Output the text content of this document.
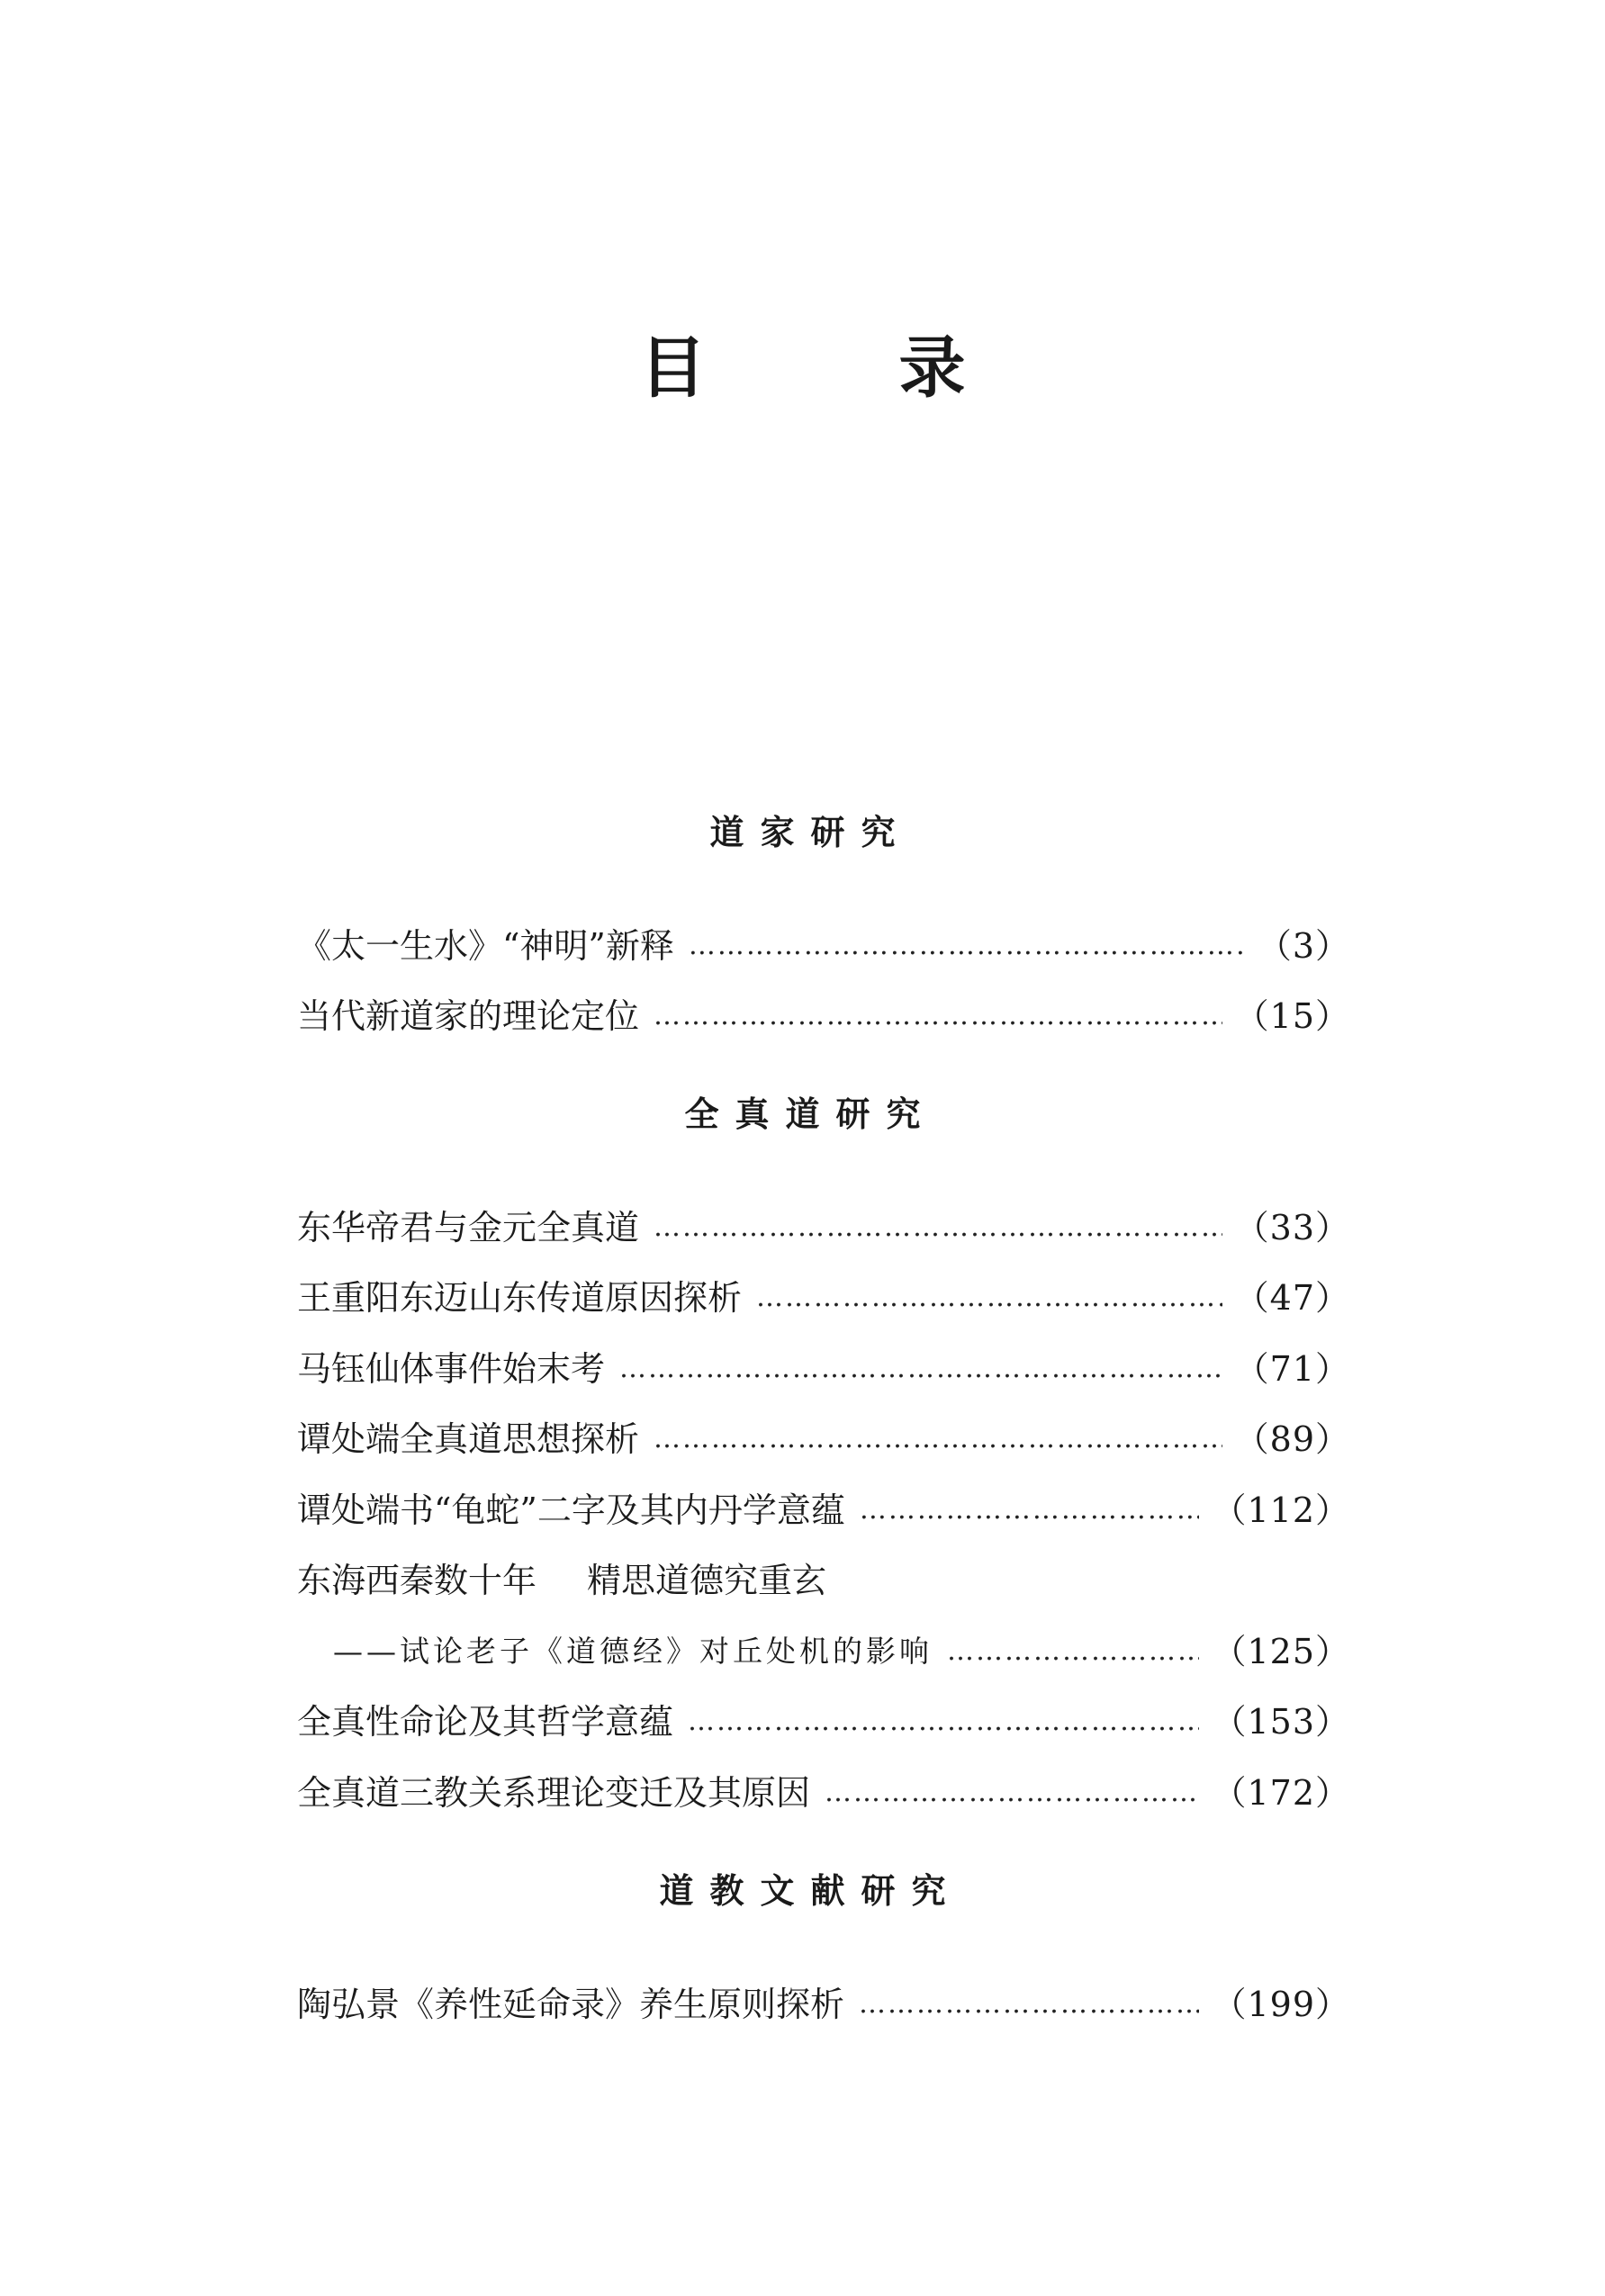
目　录
道家研究
《太一生水》“神明”新释 …………………………………………………………………………………………………………………………	（3）
当代新道家的理论定位 …………………………………………………………………………………………………………………………	（15）
全真道研究
东华帝君与金元全真道 …………………………………………………………………………………………………………………………	（33）
王重阳东迈山东传道原因探析 …………………………………………………………………………………………………………………………	（47）
马钰仙体事件始末考 …………………………………………………………………………………………………………………………	（71）
谭处端全真道思想探析 …………………………………………………………………………………………………………………………	（89）
谭处端书“龟蛇”二字及其内丹学意蕴 …………………………………………………………………………………………………………………………	（112）
东海西秦数十年 精思道德究重玄
——试论老子《道德经》对丘处机的影响 …………………………………………………………………………………………………………………………	（125）
全真性命论及其哲学意蕴 …………………………………………………………………………………………………………………………	（153）
全真道三教关系理论变迁及其原因 …………………………………………………………………………………………………………………………	（172）
道教文献研究
陶弘景《养性延命录》养生原则探析 …………………………………………………………………………………………………………………………	（199）
